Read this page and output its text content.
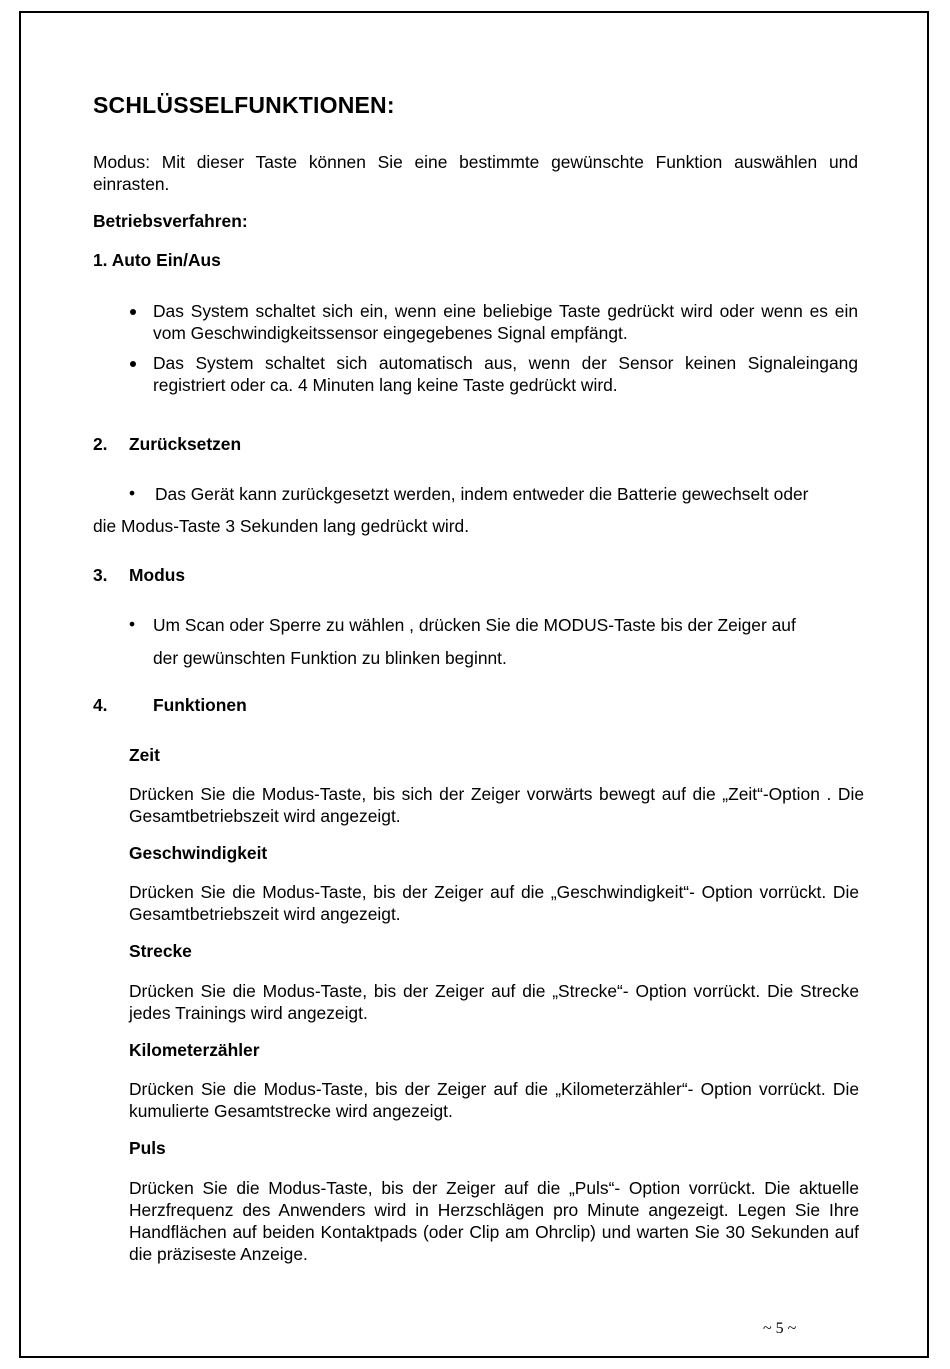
SCHLÜSSELFUNKTIONEN:

Modus: Mit dieser Taste können Sie eine bestimmte gewünschte Funktion auswählen und einrasten.

Betriebsverfahren:
1. Auto Ein/Aus

Das System schaltet sich ein, wenn eine beliebige Taste gedrückt wird oder wenn es ein vom Geschwindigkeitssensor eingegebenes Signal empfängt.

Das System schaltet sich automatisch aus, wenn der Sensor keinen Signaleingang registriert oder ca. 4 Minuten lang keine Taste gedrückt wird.

2. Zurücksetzen
• Das Gerät kann zurückgesetzt werden, indem entweder die Batterie gewechselt oder
die Modus-Taste 3 Sekunden lang gedrückt wird.
3. Modus
• Um Scan oder Sperre zu wählen , drücken Sie die MODUS-Taste bis der Zeiger auf
der gewünschten Funktion zu blinken beginnt.
4.	Funktionen
Zeit

Drücken Sie die Modus-Taste, bis sich der Zeiger vorwärts bewegt auf die „Zeit“-Option . Die Gesamtbetriebszeit wird angezeigt.

Geschwindigkeit

Drücken Sie die Modus-Taste, bis der Zeiger auf die „Geschwindigkeit“- Option vorrückt. Die Gesamtbetriebszeit wird angezeigt.

Strecke

Drücken Sie die Modus-Taste, bis der Zeiger auf die „Strecke“- Option vorrückt. Die Strecke jedes Trainings wird angezeigt.

Kilometerzähler

Drücken Sie die Modus-Taste, bis der Zeiger auf die „Kilometerzähler“- Option vorrückt. Die kumulierte Gesamtstrecke wird angezeigt.

Puls

Drücken Sie die Modus-Taste, bis der Zeiger auf die „Puls“- Option vorrückt. Die aktuelle Herzfrequenz des Anwenders wird in Herzschlägen pro Minute angezeigt. Legen Sie Ihre Handflächen auf beiden Kontaktpads (oder Clip am Ohrclip) und warten Sie 30 Sekunden auf die präziseste Anzeige.

~ 5 ~
